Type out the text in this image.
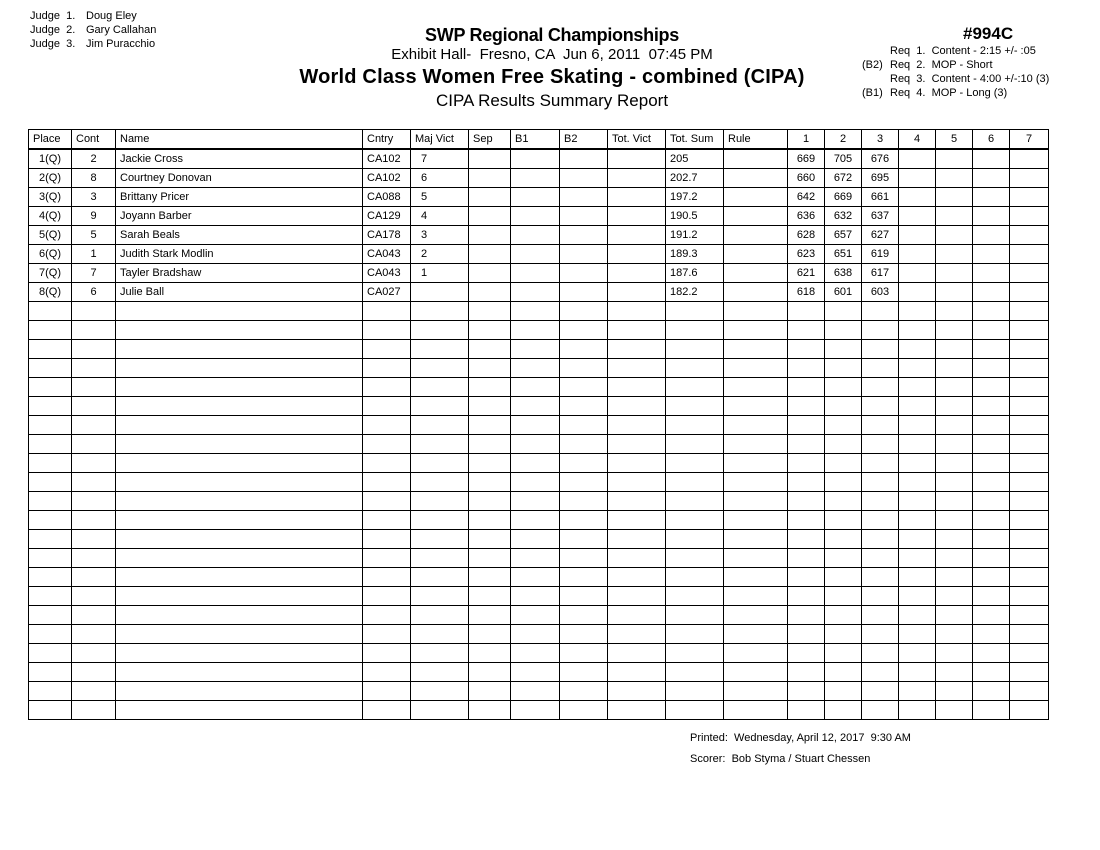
Judge  1. Doug Eley
Judge  2. Gary Callahan
Judge  3. Jim Puracchio	SWP Regional Championships
Exhibit Hall-  Fresno, CA  Jun 6, 2011  07:45 PM
World Class Women Free Skating - combined (CIPA)
CIPA Results Summary Report
#994C
Req  1.  Content - 2:15 +/- :05
(B2) Req  2.  MOP - Short
Req  3.  Content - 4:00 +/-:10 (3)
(B1) Req  4.  MOP - Long (3)
Place	Cont	Name	Cntry	Maj Vict	Sep	B1	B2	Tot. Vict	Tot. Sum	Rule	1	2	3	4	5	6	7
1(Q)	2	Jackie Cross	CA102	7					205		669	705	676				
2(Q)	8	Courtney Donovan	CA102	6					202.7		660	672	695				
3(Q)	3	Brittany Pricer	CA088	5					197.2		642	669	661				
4(Q)	9	Joyann Barber	CA129	4					190.5		636	632	637				
5(Q)	5	Sarah Beals	CA178	3					191.2		628	657	627				
6(Q)	1	Judith Stark Modlin	CA043	2					189.3		623	651	619				
7(Q)	7	Tayler Bradshaw	CA043	1					187.6		621	638	617				
8(Q)	6	Julie Ball	CA027						182.2		618	601	603				

Printed:  Wednesday, April 12, 2017  9:30 AM
Scorer:  Bob Styma / Stuart Chessen
